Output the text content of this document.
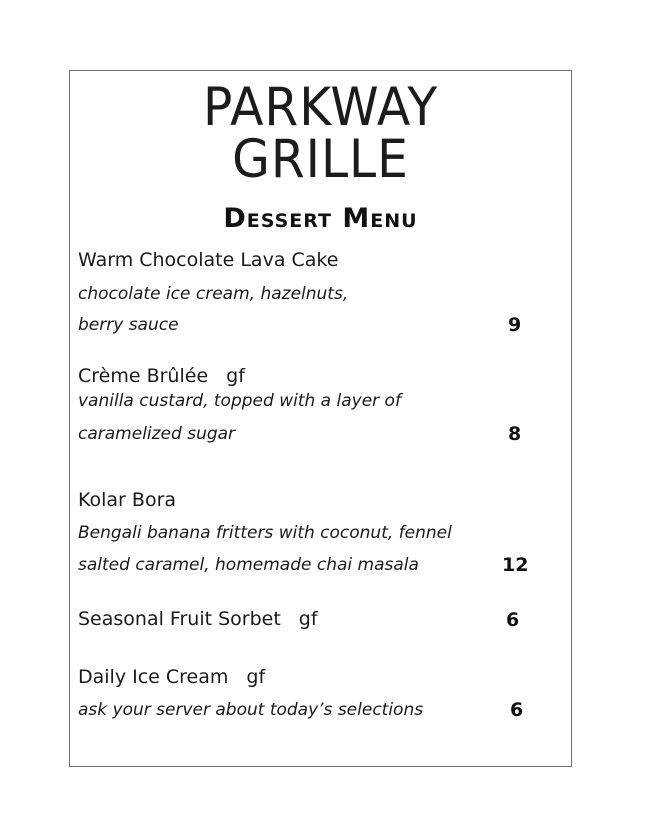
PARKWAY
GRILLE
Dessert Menu
Warm Chocolate Lava Cake
chocolate ice cream, hazelnuts,
berry sauce	9
Crème Brûlée gf
vanilla custard, topped with a layer of
caramelized sugar	8
Kolar Bora
Bengali banana fritters with coconut, fennel
salted caramel, homemade chai masala	12
Seasonal Fruit Sorbet gf	6
Daily Ice Cream gf
ask your server about today’s selections	6
